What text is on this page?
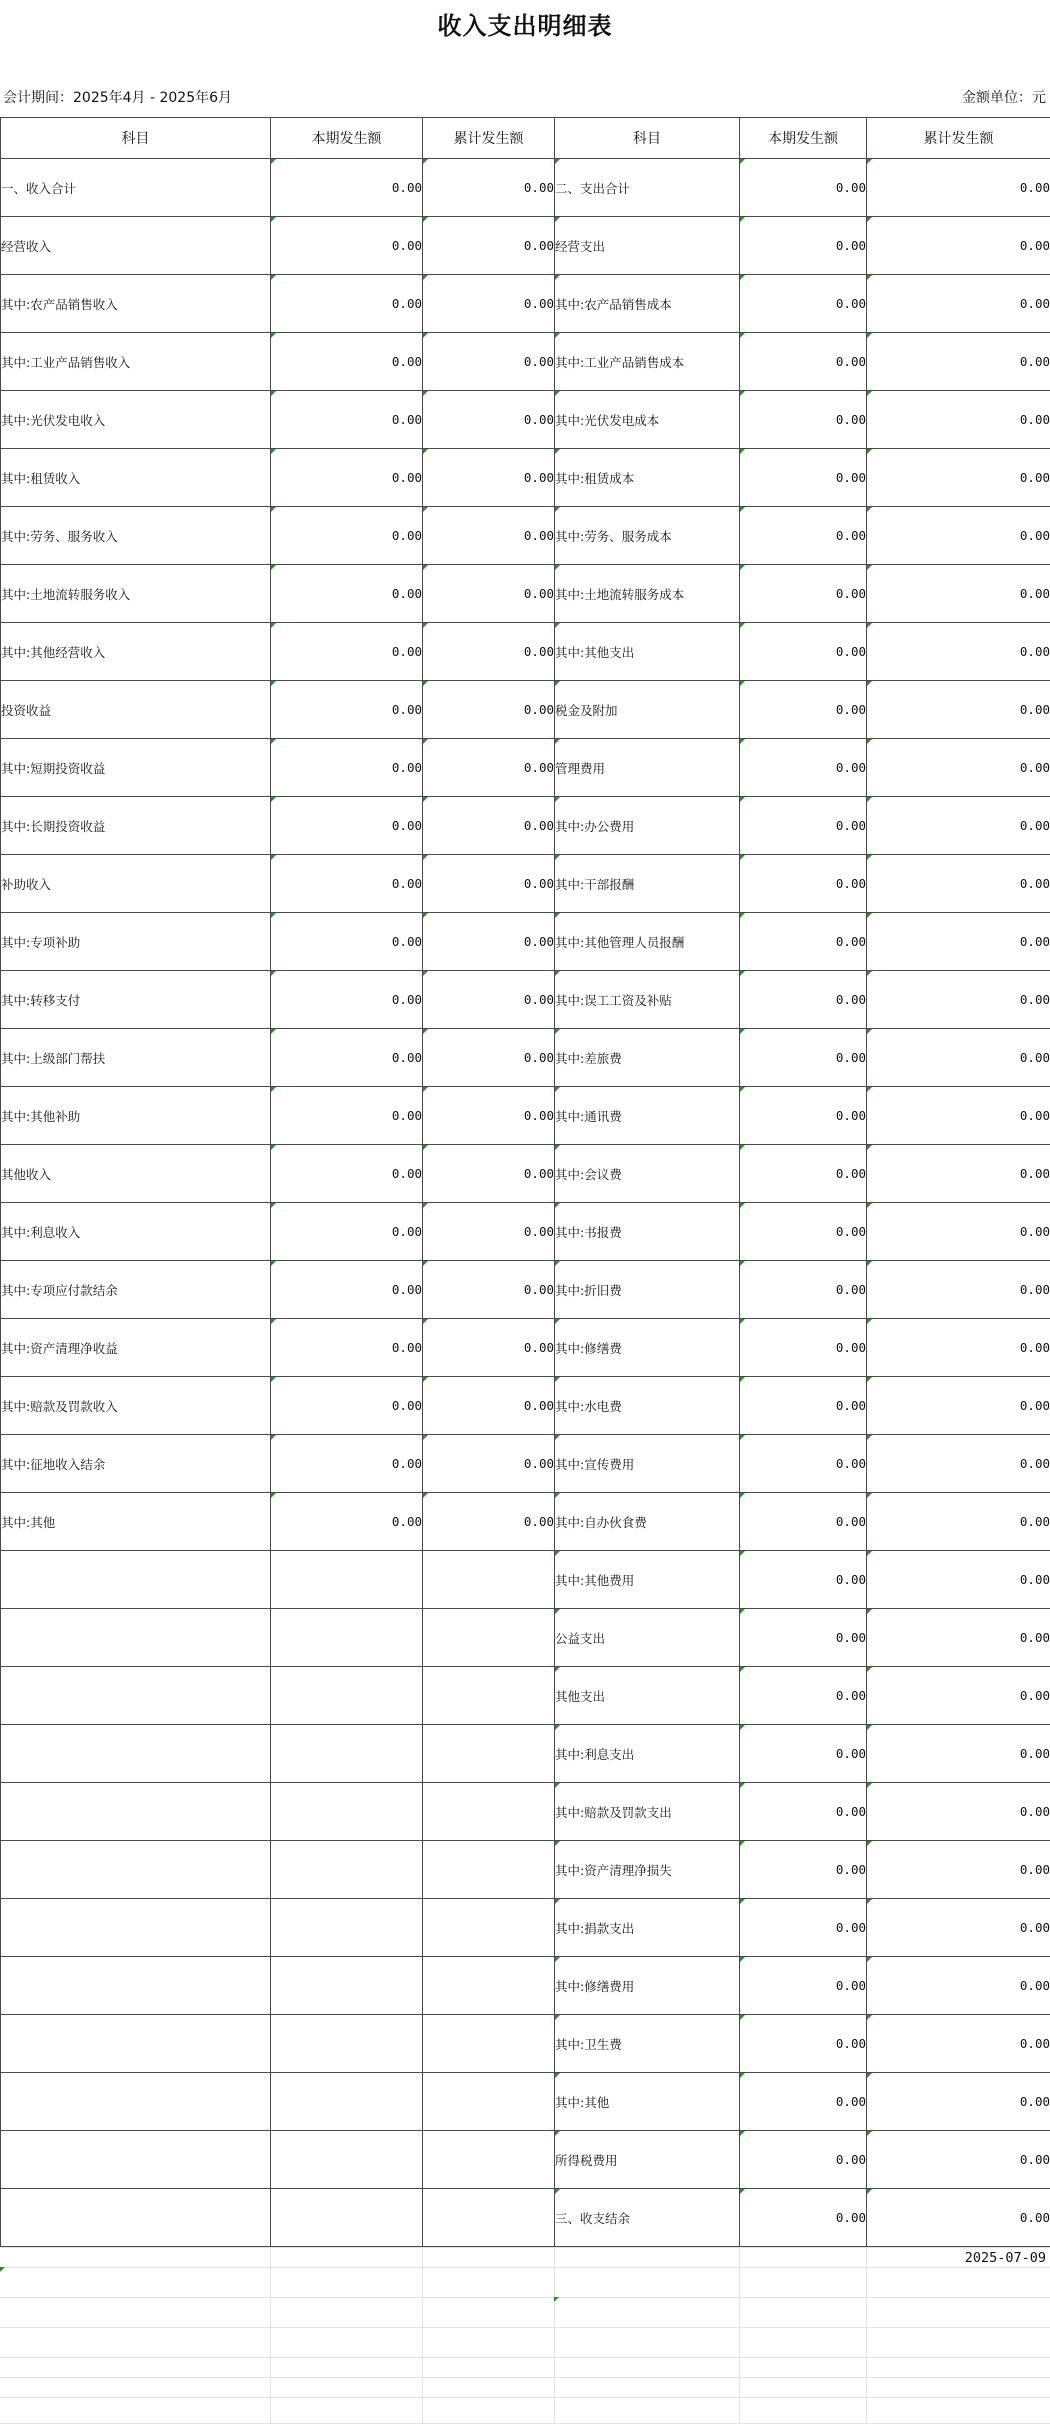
收入支出明细表
会计期间：2025年4月 - 2025年6月	金额单位：元
科目	本期发生额	累计发生额	科目	本期发生额	累计发生额
一、收入合计	0.00	0.00	二、支出合计	0.00	0.00
经营收入	0.00	0.00	经营支出	0.00	0.00
其中:农产品销售收入	0.00	0.00	其中:农产品销售成本	0.00	0.00
其中:工业产品销售收入	0.00	0.00	其中:工业产品销售成本	0.00	0.00
其中:光伏发电收入	0.00	0.00	其中:光伏发电成本	0.00	0.00
其中:租赁收入	0.00	0.00	其中:租赁成本	0.00	0.00
其中:劳务、服务收入	0.00	0.00	其中:劳务、服务成本	0.00	0.00
其中:土地流转服务收入	0.00	0.00	其中:土地流转服务成本	0.00	0.00
其中:其他经营收入	0.00	0.00	其中:其他支出	0.00	0.00
投资收益	0.00	0.00	税金及附加	0.00	0.00
其中:短期投资收益	0.00	0.00	管理费用	0.00	0.00
其中:长期投资收益	0.00	0.00	其中:办公费用	0.00	0.00
补助收入	0.00	0.00	其中:干部报酬	0.00	0.00
其中:专项补助	0.00	0.00	其中:其他管理人员报酬	0.00	0.00
其中:转移支付	0.00	0.00	其中:误工工资及补贴	0.00	0.00
其中:上级部门帮扶	0.00	0.00	其中:差旅费	0.00	0.00
其中:其他补助	0.00	0.00	其中:通讯费	0.00	0.00
其他收入	0.00	0.00	其中:会议费	0.00	0.00
其中:利息收入	0.00	0.00	其中:书报费	0.00	0.00
其中:专项应付款结余	0.00	0.00	其中:折旧费	0.00	0.00
其中:资产清理净收益	0.00	0.00	其中:修缮费	0.00	0.00
其中:赔款及罚款收入	0.00	0.00	其中:水电费	0.00	0.00
其中:征地收入结余	0.00	0.00	其中:宣传费用	0.00	0.00
其中:其他	0.00	0.00	其中:自办伙食费	0.00	0.00
			其中:其他费用	0.00	0.00
			公益支出	0.00	0.00
			其他支出	0.00	0.00
			其中:利息支出	0.00	0.00
			其中:赔款及罚款支出	0.00	0.00
			其中:资产清理净损失	0.00	0.00
			其中:捐款支出	0.00	0.00
			其中:修缮费用	0.00	0.00
			其中:卫生费	0.00	0.00
			其中:其他	0.00	0.00
			所得税费用	0.00	0.00
			三、收支结余	0.00	0.00
2025-07-09
